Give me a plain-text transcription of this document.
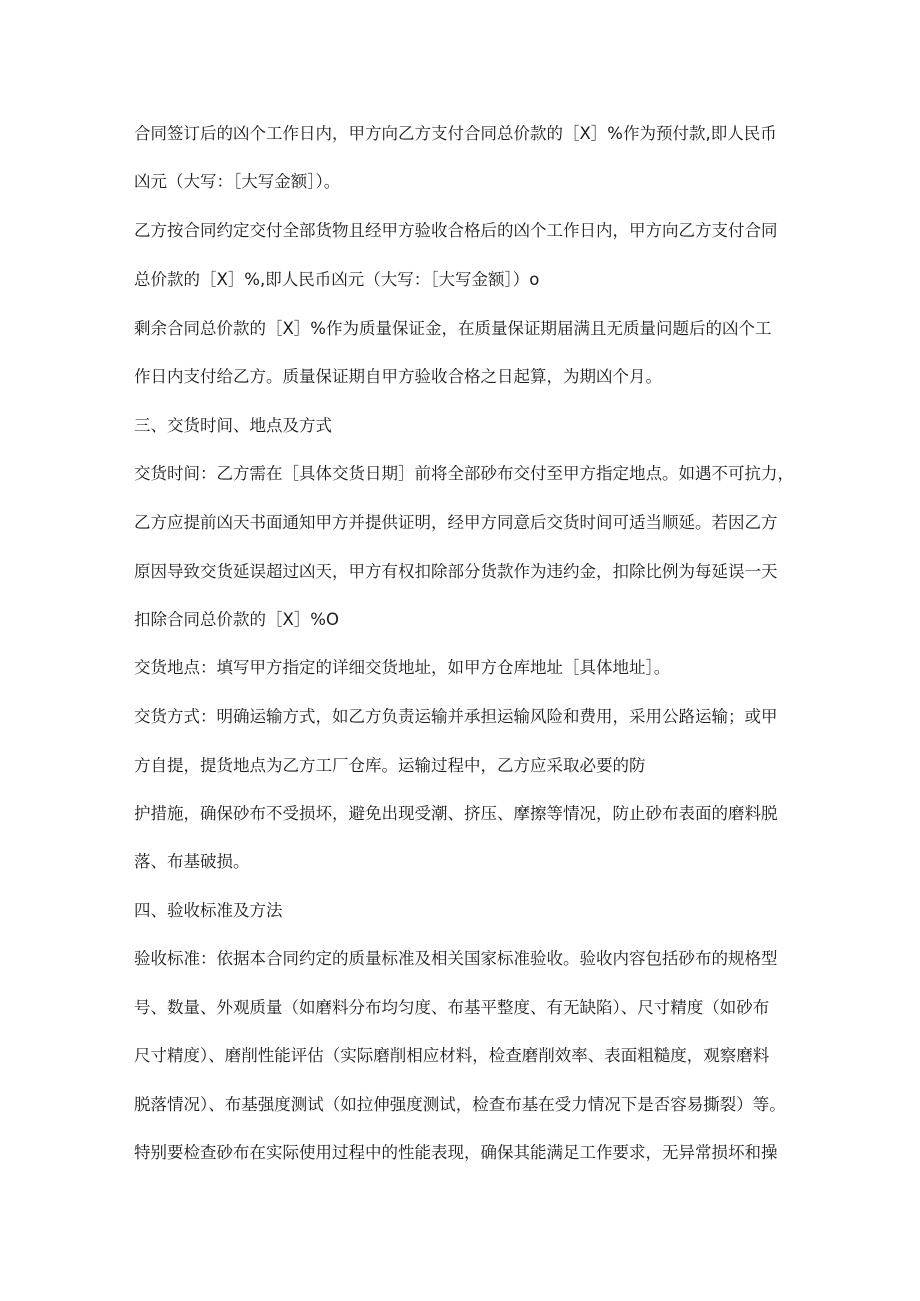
合同签订后的凶个工作日内，甲方向乙方支付合同总价款的［X］%作为预付款,即人民币
凶元（大写：［大写金额］）。
乙方按合同约定交付全部货物且经甲方验收合格后的凶个工作日内，甲方向乙方支付合同
总价款的［X］%,即人民币凶元（大写：［大写金额］）o
剩余合同总价款的［X］%作为质量保证金，在质量保证期届满且无质量问题后的凶个工
作日内支付给乙方。质量保证期自甲方验收合格之日起算，为期凶个月。
三、交货时间、地点及方式
交货时间：乙方需在［具体交货日期］前将全部砂布交付至甲方指定地点。如遇不可抗力，
乙方应提前凶天书面通知甲方并提供证明，经甲方同意后交货时间可适当顺延。若因乙方
原因导致交货延误超过凶天，甲方有权扣除部分货款作为违约金，扣除比例为每延误一天
扣除合同总价款的［X］%O
交货地点：填写甲方指定的详细交货地址，如甲方仓库地址［具体地址］。
交货方式：明确运输方式，如乙方负责运输并承担运输风险和费用，采用公路运输；或甲
方自提，提货地点为乙方工厂仓库。运输过程中，乙方应采取必要的防
护措施，确保砂布不受损坏，避免出现受潮、挤压、摩擦等情况，防止砂布表面的磨料脱
落、布基破损。
四、验收标准及方法
验收标准：依据本合同约定的质量标准及相关国家标准验收。验收内容包括砂布的规格型
号、数量、外观质量（如磨料分布均匀度、布基平整度、有无缺陷）、尺寸精度（如砂布
尺寸精度）、磨削性能评估（实际磨削相应材料，检查磨削效率、表面粗糙度，观察磨料
脱落情况）、布基强度测试（如拉伸强度测试，检查布基在受力情况下是否容易撕裂）等。
特别要检查砂布在实际使用过程中的性能表现，确保其能满足工作要求，无异常损坏和操
